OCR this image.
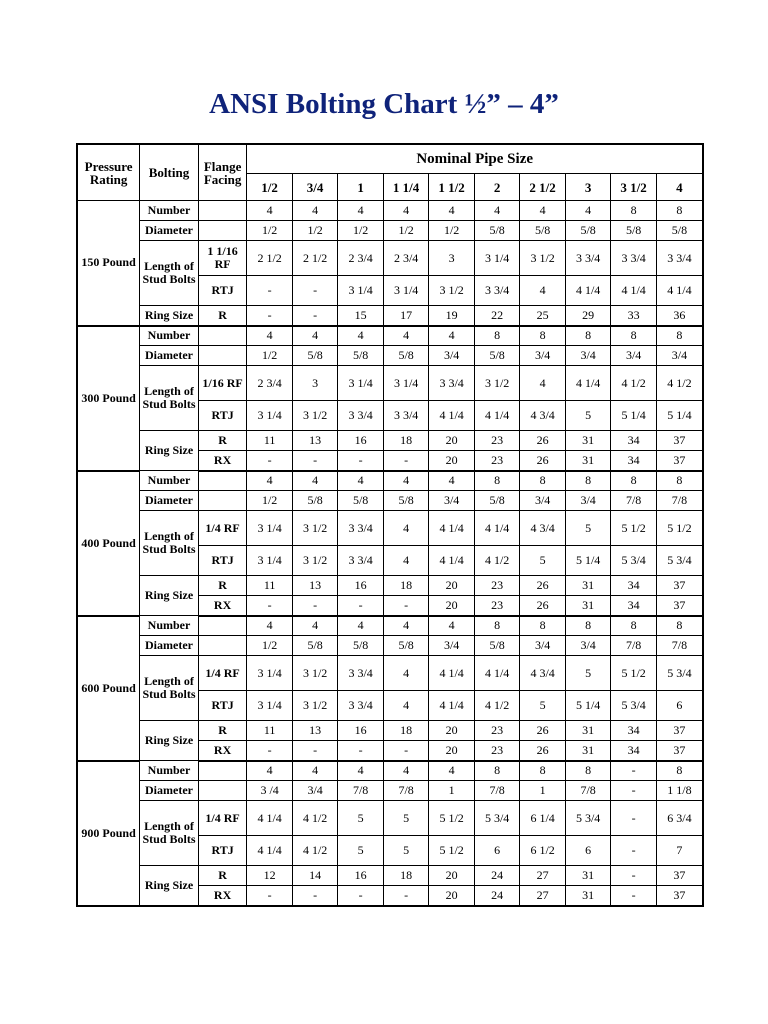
ANSI Bolting Chart ½” – 4”
Pressure Rating	Bolting	Flange Facing	Nominal Pipe Size									
			1/2	3/4	1	1 1/4	1 1/2	2	2 1/2	3	3 1/2	4
150 Pound	Number		4	4	4	4	4	4	4	4	8	8
	Diameter		1/2	1/2	1/2	1/2	1/2	5/8	5/8	5/8	5/8	5/8
	Length of Stud Bolts	1 1/16 RF	2 1/2	2 1/2	2 3/4	2 3/4	3	3 1/4	3 1/2	3 3/4	3 3/4	3 3/4
		RTJ	-	-	3 1/4	3 1/4	3 1/2	3 3/4	4	4 1/4	4 1/4	4 1/4
	Ring Size	R	-	-	15	17	19	22	25	29	33	36
300 Pound	Number		4	4	4	4	4	8	8	8	8	8
	Diameter		1/2	5/8	5/8	5/8	3/4	5/8	3/4	3/4	3/4	3/4
	Length of Stud Bolts	1/16 RF	2 3/4	3	3 1/4	3 1/4	3 3/4	3 1/2	4	4 1/4	4 1/2	4 1/2
		RTJ	3 1/4	3 1/2	3 3/4	3 3/4	4 1/4	4 1/4	4 3/4	5	5 1/4	5 1/4
	Ring Size	R	11	13	16	18	20	23	26	31	34	37
		RX	-	-	-	-	20	23	26	31	34	37
400 Pound	Number		4	4	4	4	4	8	8	8	8	8
	Diameter		1/2	5/8	5/8	5/8	3/4	5/8	3/4	3/4	7/8	7/8
	Length of Stud Bolts	1/4 RF	3 1/4	3 1/2	3 3/4	4	4 1/4	4 1/4	4 3/4	5	5 1/2	5 1/2
		RTJ	3 1/4	3 1/2	3 3/4	4	4 1/4	4 1/2	5	5 1/4	5 3/4	5 3/4
	Ring Size	R	11	13	16	18	20	23	26	31	34	37
		RX	-	-	-	-	20	23	26	31	34	37
600 Pound	Number		4	4	4	4	4	8	8	8	8	8
	Diameter		1/2	5/8	5/8	5/8	3/4	5/8	3/4	3/4	7/8	7/8
	Length of Stud Bolts	1/4 RF	3 1/4	3 1/2	3 3/4	4	4 1/4	4 1/4	4 3/4	5	5 1/2	5 3/4
		RTJ	3 1/4	3 1/2	3 3/4	4	4 1/4	4 1/2	5	5 1/4	5 3/4	6
	Ring Size	R	11	13	16	18	20	23	26	31	34	37
		RX	-	-	-	-	20	23	26	31	34	37
900 Pound	Number		4	4	4	4	4	8	8	8	-	8
	Diameter		3 /4	3/4	7/8	7/8	1	7/8	1	7/8	-	1 1/8
	Length of Stud Bolts	1/4 RF	4 1/4	4 1/2	5	5	5 1/2	5 3/4	6 1/4	5 3/4	-	6 3/4
		RTJ	4 1/4	4 1/2	5	5	5 1/2	6	6 1/2	6	-	7
	Ring Size	R	12	14	16	18	20	24	27	31	-	37
		RX	-	-	-	-	20	24	27	31	-	37
